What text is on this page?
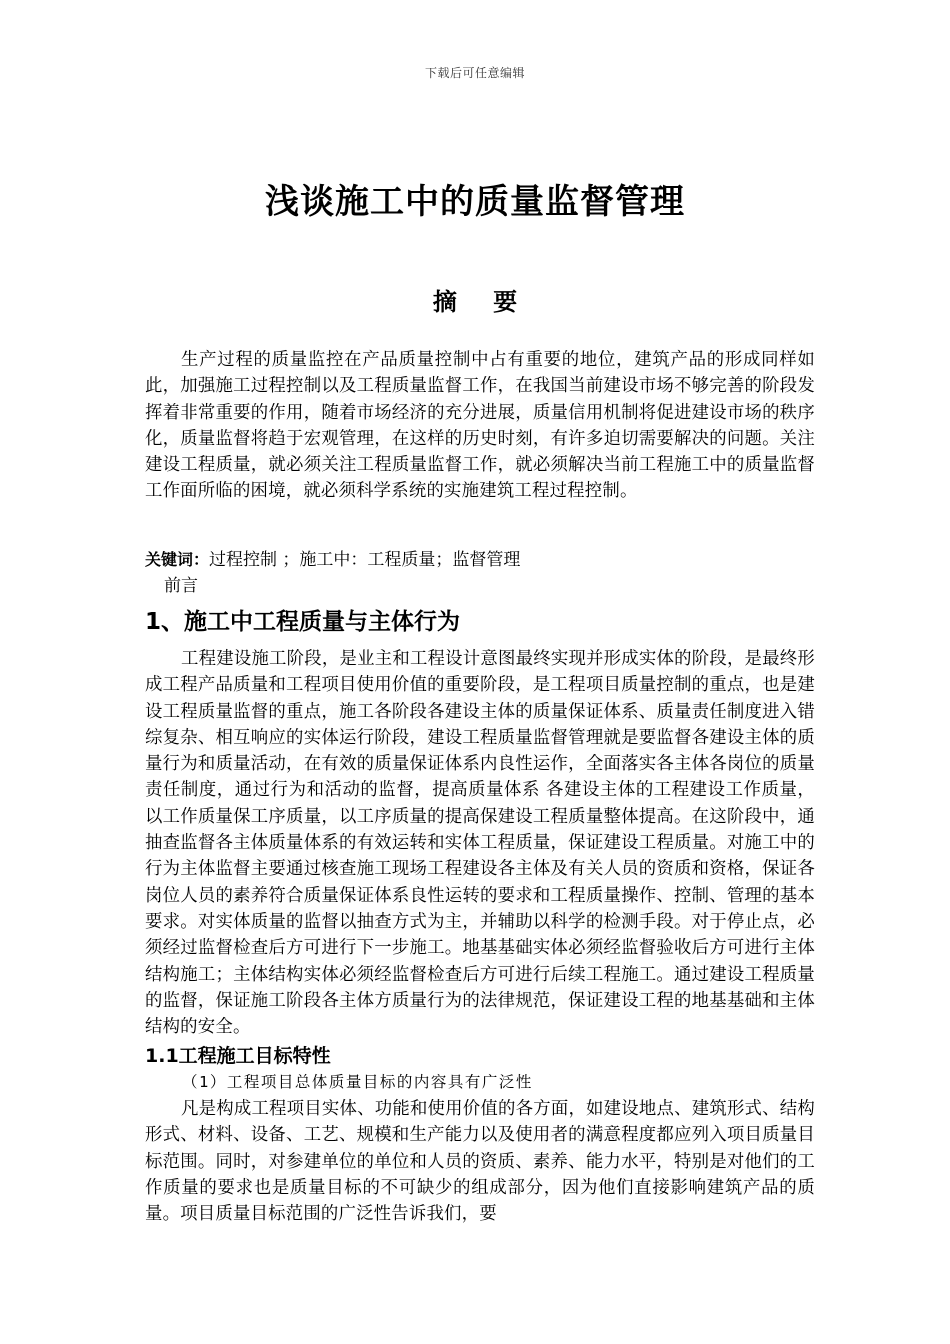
下载后可任意编辑
浅谈施工中的质量监督管理
摘 要
生产过程的质量监控在产品质量控制中占有重要的地位，建筑产品的形成同样如此，加强施工过程控制以及工程质量监督工作，在我国当前建设市场不够完善的阶段发挥着非常重要的作用，随着市场经济的充分进展，质量信用机制将促进建设市场的秩序化，质量监督将趋于宏观管理，在这样的历史时刻，有许多迫切需要解决的问题。关注建设工程质量，就必须关注工程质量监督工作，就必须解决当前工程施工中的质量监督工作面所临的困境，就必须科学系统的实施建筑工程过程控制。
关键词：过程控制 ；施工中：工程质量；监督管理
前言
1、施工中工程质量与主体行为
工程建设施工阶段，是业主和工程设计意图最终实现并形成实体的阶段，是最终形成工程产品质量和工程项目使用价值的重要阶段，是工程项目质量控制的重点，也是建设工程质量监督的重点，施工各阶段各建设主体的质量保证体系、质量责任制度进入错综复杂、相互响应的实体运行阶段，建设工程质量监督管理就是要监督各建设主体的质量行为和质量活动，在有效的质量保证体系内良性运作，全面落实各主体各岗位的质量责任制度，通过行为和活动的监督，提高质量体系 各建设主体的工程建设工作质量，以工作质量保工序质量，以工序质量的提高保建设工程质量整体提高。在这阶段中，通 抽查监督各主体质量体系的有效运转和实体工程质量，保证建设工程质量。对施工中的行为主体监督主要通过核查施工现场工程建设各主体及有关人员的资质和资格，保证各岗位人员的素养符合质量保证体系良性运转的要求和工程质量操作、控制、管理的基本要求。对实体质量的监督以抽查方式为主，并辅助以科学的检测手段。对于停止点，必须经过监督检查后方可进行下一步施工。地基基础实体必须经监督验收后方可进行主体结构施工；主体结构实体必须经监督检查后方可进行后续工程施工。通过建设工程质量的监督，保证施工阶段各主体方质量行为的法律规范，保证建设工程的地基基础和主体结构的安全。
1.1工程施工目标特性
（1）工程项目总体质量目标的内容具有广泛性
凡是构成工程项目实体、功能和使用价值的各方面，如建设地点、建筑形式、结构形式、材料、设备、工艺、规模和生产能力以及使用者的满意程度都应列入项目质量目标范围。同时，对参建单位的单位和人员的资质、素养、能力水平，特别是对他们的工作质量的要求也是质量目标的不可缺少的组成部分，因为他们直接影响建筑产品的质量。项目质量目标范围的广泛性告诉我们，要
